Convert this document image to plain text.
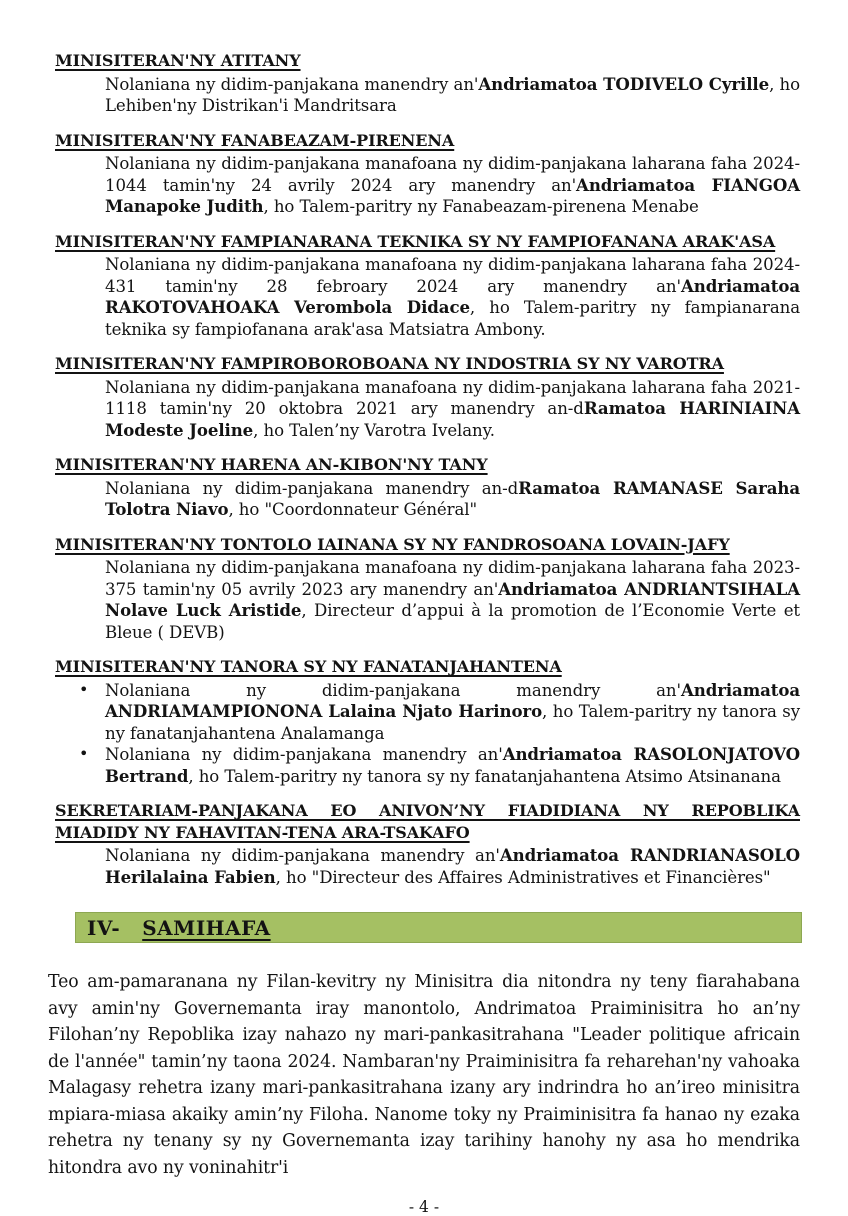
MINISITERAN'NY ATITANY
Nolaniana ny didim-panjakana manendry an'Andriamatoa TODIVELO Cyrille, ho Lehiben'ny Distrikan'i Mandritsara
MINISITERAN'NY FANABEAZAM-PIRENENA
Nolaniana ny didim-panjakana manafoana ny didim-panjakana laharana faha 2024-1044 tamin'ny 24 avrily 2024 ary manendry an'Andriamatoa FIANGOA Manapoke Judith, ho Talem-paritry ny Fanabeazam-pirenena Menabe
MINISITERAN'NY FAMPIANARANA TEKNIKA SY NY FAMPIOFANANA ARAK'ASA
Nolaniana ny didim-panjakana manafoana ny didim-panjakana laharana faha 2024-431 tamin'ny 28 febroary 2024 ary manendry an'Andriamatoa RAKOTOVAHOAKA Verombola Didace, ho Talem-paritry ny fampianarana teknika sy fampiofanana arak'asa Matsiatra Ambony.
MINISITERAN'NY FAMPIROBOROBOANA NY INDOSTRIA SY NY VAROTRA
Nolaniana ny didim-panjakana manafoana ny didim-panjakana laharana faha 2021-1118 tamin'ny 20 oktobra 2021 ary manendry an-dRamatoa HARINIAINA Modeste Joeline, ho Talen’ny Varotra Ivelany.
MINISITERAN'NY HARENA AN-KIBON'NY TANY
Nolaniana ny didim-panjakana manendry an-dRamatoa RAMANASE Saraha Tolotra Niavo, ho "Coordonnateur Général"
MINISITERAN'NY TONTOLO IAINANA SY NY FANDROSOANA LOVAIN-JAFY
Nolaniana ny didim-panjakana manafoana ny didim-panjakana laharana faha 2023-375 tamin'ny 05 avrily 2023 ary manendry an'Andriamatoa ANDRIANTSIHALA Nolave Luck Aristide, Directeur d’appui à la promotion de l’Economie Verte et Bleue ( DEVB)
MINISITERAN'NY TANORA SY NY FANATANJAHANTENA
• Nolaniana ny didim-panjakana manendry an'Andriamatoa ANDRIAMAMPIONONA Lalaina Njato Harinoro, ho Talem-paritry ny tanora sy ny fanatanjahantena Analamanga
• Nolaniana ny didim-panjakana manendry an'Andriamatoa RASOLONJATOVO Bertrand, ho Talem-paritry ny tanora sy ny fanatanjahantena Atsimo Atsinanana
SEKRETARIAM-PANJAKANA EO ANIVON’NY FIADIDIANA NY REPOBLIKA MIADIDY NY FAHAVITAN-TENA ARA-TSAKAFO
Nolaniana ny didim-panjakana manendry an'Andriamatoa RANDRIANASOLO Herilalaina Fabien, ho "Directeur des Affaires Administratives et Financières"
IV- SAMIHAFA

Teo am-pamaranana ny Filan-kevitry ny Minisitra dia nitondra ny teny fiarahabana avy amin'ny Governemanta iray manontolo, Andrimatoa Praiminisitra ho an’ny Filohan’ny Repoblika izay nahazo ny mari-pankasitrahana "Leader politique africain de l'année" tamin’ny taona 2024. Nambaran'ny Praiminisitra fa reharehan'ny vahoaka Malagasy rehetra izany mari-pankasitrahana izany ary indrindra ho an’ireo minisitra mpiara-miasa akaiky amin’ny Filoha. Nanome toky ny Praiminisitra fa hanao ny ezaka rehetra ny tenany sy ny Governemanta izay tarihiny hanohy ny asa ho mendrika hitondra avo ny voninahitr'i

- 4 -
